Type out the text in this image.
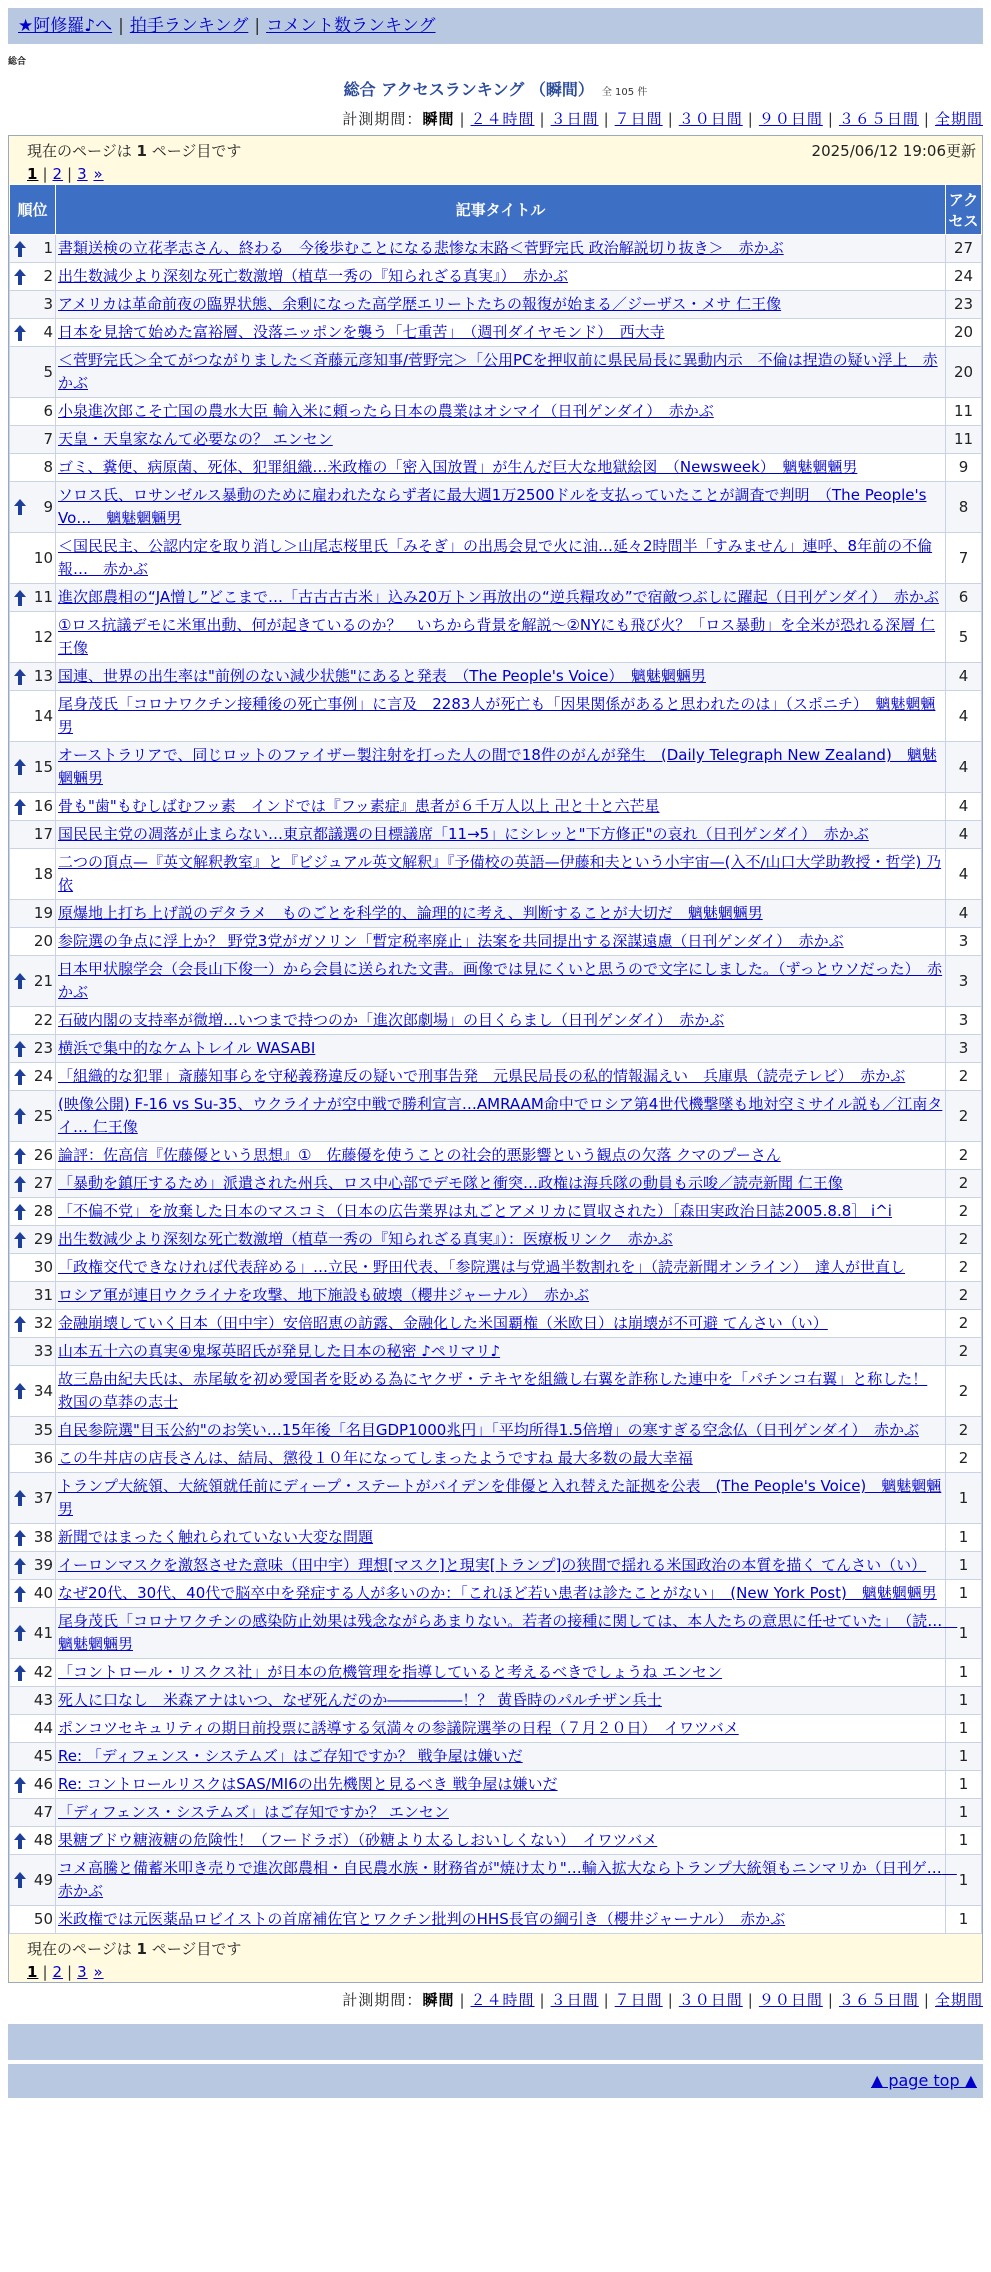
★阿修羅♪へ | 拍手ランキング | コメント数ランキング
総合
総合 アクセスランキング （瞬間） 全 105 件
計測期間：瞬間 | ２４時間 | ３日間 | ７日間 | ３０日間 | ９０日間 | ３６５日間 | 全期間
現在のページは 1 ページ目です	2025/06/12 19:06更新
1 | 2 | 3 »
順位	記事タイトル	アクセス

1	書類送検の立花孝志さん、終わる　今後歩むことになる悲惨な末路＜菅野完氏 政治解説切り抜き＞　赤かぶ	27

2	出生数減少より深刻な死亡数激増（植草一秀の『知られざる真実』）　赤かぶ	24
3	アメリカは革命前夜の臨界状態、余剰になった高学歴エリートたちの報復が始まる／ジーザス・メサ 仁王像	23

4	日本を見捨て始めた富裕層、没落ニッポンを襲う「七重苦」　（週刊ダイヤモンド）　西大寺	20
5	＜菅野完氏＞全てがつながりました＜斉藤元彦知事/菅野完＞「公用PCを押収前に県民局長に異動内示　不倫は捏造の疑い浮上　赤かぶ	20
6	小泉進次郎こそ亡国の農水大臣 輸入米に頼ったら日本の農業はオシマイ（日刊ゲンダイ）　赤かぶ	11
7	天皇・天皇家なんて必要なの？ エンセン	11
8	ゴミ、糞便、病原菌、死体、犯罪組織…米政権の「密入国放置」が生んだ巨大な地獄絵図　（Newsweek）　魑魅魍魎男	9

9	ソロス氏、ロサンゼルス暴動のために雇われたならず者に最大週1万2500ドルを支払っていたことが調査で判明　（The People's Vo…　魑魅魍魎男	8
10	＜国民民主、公認内定を取り消し＞山尾志桜里氏「みそぎ」の出馬会見で火に油…延々2時間半「すみません」連呼、8年前の不倫報…　赤かぶ	7

11	進次郎農相の“JA憎し”どこまで…「古古古古米」込み20万トン再放出の“逆兵糧攻め”で宿敵つぶしに躍起（日刊ゲンダイ）　赤かぶ	6
12	①ロス抗議デモに米軍出動、何が起きているのか？　いちから背景を解説～②NYにも飛び火？「ロス暴動」を全米が恐れる深層 仁王像	5

13	国連、世界の出生率は"前例のない減少状態"にあると発表　（The People's Voice）　魑魅魍魎男	4
14	尾身茂氏「コロナワクチン接種後の死亡事例」に言及　2283人が死亡も「因果関係があると思われたのは」（スポニチ）　魑魅魍魎男	4

15	オーストラリアで、同じロットのファイザー製注射を打った人の間で18件のがんが発生　(Daily Telegraph New Zealand)　魑魅魍魎男	4

16	骨も"歯"もむしばむフッ素　インドでは『フッ素症』患者が６千万人以上 卍と十と六芒星	4
17	国民民主党の凋落が止まらない…東京都議選の目標議席「11→5」にシレッと"下方修正"の哀れ（日刊ゲンダイ）　赤かぶ	4
18	二つの頂点—『英文解釈教室』と『ビジュアル英文解釈』『予備校の英語—伊藤和夫という小宇宙—(入不/山口大学助教授・哲学) 乃依	4
19	原爆地上打ち上げ説のデタラメ　ものごとを科学的、論理的に考え、判断することが大切だ　魑魅魍魎男	4
20	参院選の争点に浮上か？ 野党3党がガソリン「暫定税率廃止」法案を共同提出する深謀遠慮（日刊ゲンダイ）　赤かぶ	3

21	日本甲状腺学会（会長山下俊一）から会員に送られた文書。画像では見にくいと思うので文字にしました。（ずっとウソだった）　赤かぶ	3
22	石破内閣の支持率が微増…いつまで持つのか「進次郎劇場」の目くらまし（日刊ゲンダイ）　赤かぶ	3

23	横浜で集中的なケムトレイル WASABI	3

24	「組織的な犯罪」斎藤知事らを守秘義務違反の疑いで刑事告発　元県民局長の私的情報漏えい　兵庫県（読売テレビ）　赤かぶ	2

25	(映像公開) F-16 vs Su-35、ウクライナが空中戦で勝利宣言…AMRAAM命中でロシア第4世代機撃墜も地対空ミサイル説も／江南タイ… 仁王像	2

26	論評：佐高信『佐藤優という思想』①　佐藤優を使うことの社会的悪影響という観点の欠落 クマのプーさん	2

27	「暴動を鎮圧するため」派遣された州兵、ロス中心部でデモ隊と衝突…政権は海兵隊の動員も示唆／読売新聞 仁王像	2

28	「不偏不党」を放棄した日本のマスコミ（日本の広告業界は丸ごとアメリカに買収された）［森田実政治日誌2005.8.8］ i^i	2

29	出生数減少より深刻な死亡数激増（植草一秀の『知られざる真実』）：医療板リンク　赤かぶ	2
30	「政権交代できなければ代表辞める」…立民・野田代表、「参院選は与党過半数割れを」（読売新聞オンライン）　達人が世直し	2
31	ロシア軍が連日ウクライナを攻撃、地下施設も破壊（櫻井ジャーナル）　赤かぶ	2

32	金融崩壊していく日本（田中宇）安倍昭恵の訪露、金融化した米国覇権（米欧日）は崩壊が不可避 てんさい（い）	2
33	山本五十六の真実④鬼塚英昭氏が発見した日本の秘密 ♪ペリマリ♪	2

34	故三島由紀夫氏は、赤尾敏を初め愛国者を貶める為にヤクザ・テキヤを組織し右翼を詐称した連中を「パチンコ右翼」と称した！ 救国の草莽の志士	2
35	自民参院選"目玉公約"のお笑い…15年後「名目GDP1000兆円」「平均所得1.5倍増」の寒すぎる空念仏（日刊ゲンダイ）　赤かぶ	2
36	この牛丼店の店長さんは、結局、懲役１０年になってしまったようですね 最大多数の最大幸福	2

37	トランプ大統領、大統領就任前にディープ・ステートがバイデンを俳優と入れ替えた証拠を公表　(The People's Voice)　魑魅魍魎男	1

38	新聞ではまったく触れられていない大変な問題	1

39	イーロンマスクを激怒させた意味（田中宇）理想[マスク]と現実[トランプ]の狭間で揺れる米国政治の本質を描く てんさい（い）	1

40	なぜ20代、30代、40代で脳卒中を発症する人が多いのか：「これほど若い患者は診たことがない」　(New York Post)　魑魅魍魎男	1

41	尾身茂氏「コロナワクチンの感染防止効果は残念ながらあまりない。若者の接種に関しては、本人たちの意思に任せていた」　（読…　魑魅魍魎男	1

42	「コントロール・リスクス社」が日本の危機管理を指導していると考えるべきでしょうね エンセン	1
43	死人に口なし　米森アナはいつ、なぜ死んだのか―――――！？ 黄昏時のパルチザン兵士	1
44	ポンコツセキュリティの期日前投票に誘導する気満々の参議院選挙の日程（７月２０日）　イワツバメ	1
45	Re: 「ディフェンス・システムズ」はご存知ですか？ 戦争屋は嫌いだ	1

46	Re: コントロールリスクはSAS/MI6の出先機関と見るべき 戦争屋は嫌いだ	1
47	「ディフェンス・システムズ」はご存知ですか？ エンセン	1

48	果糖ブドウ糖液糖の危険性！（フードラボ）（砂糖より太るしおいしくない）　イワツバメ	1

49	コメ高騰と備蓄米叩き売りで進次郎農相・自民農水族・財務省が"焼け太り"…輸入拡大ならトランプ大統領もニンマリか（日刊ゲ…　赤かぶ	1
50	米政権では元医薬品ロビイストの首席補佐官とワクチン批判のHHS長官の綱引き（櫻井ジャーナル）　赤かぶ	1
現在のページは 1 ページ目です
1 | 2 | 3 »
計測期間：瞬間 | ２４時間 | ３日間 | ７日間 | ３０日間 | ９０日間 | ３６５日間 | 全期間
▲ page top ▲
